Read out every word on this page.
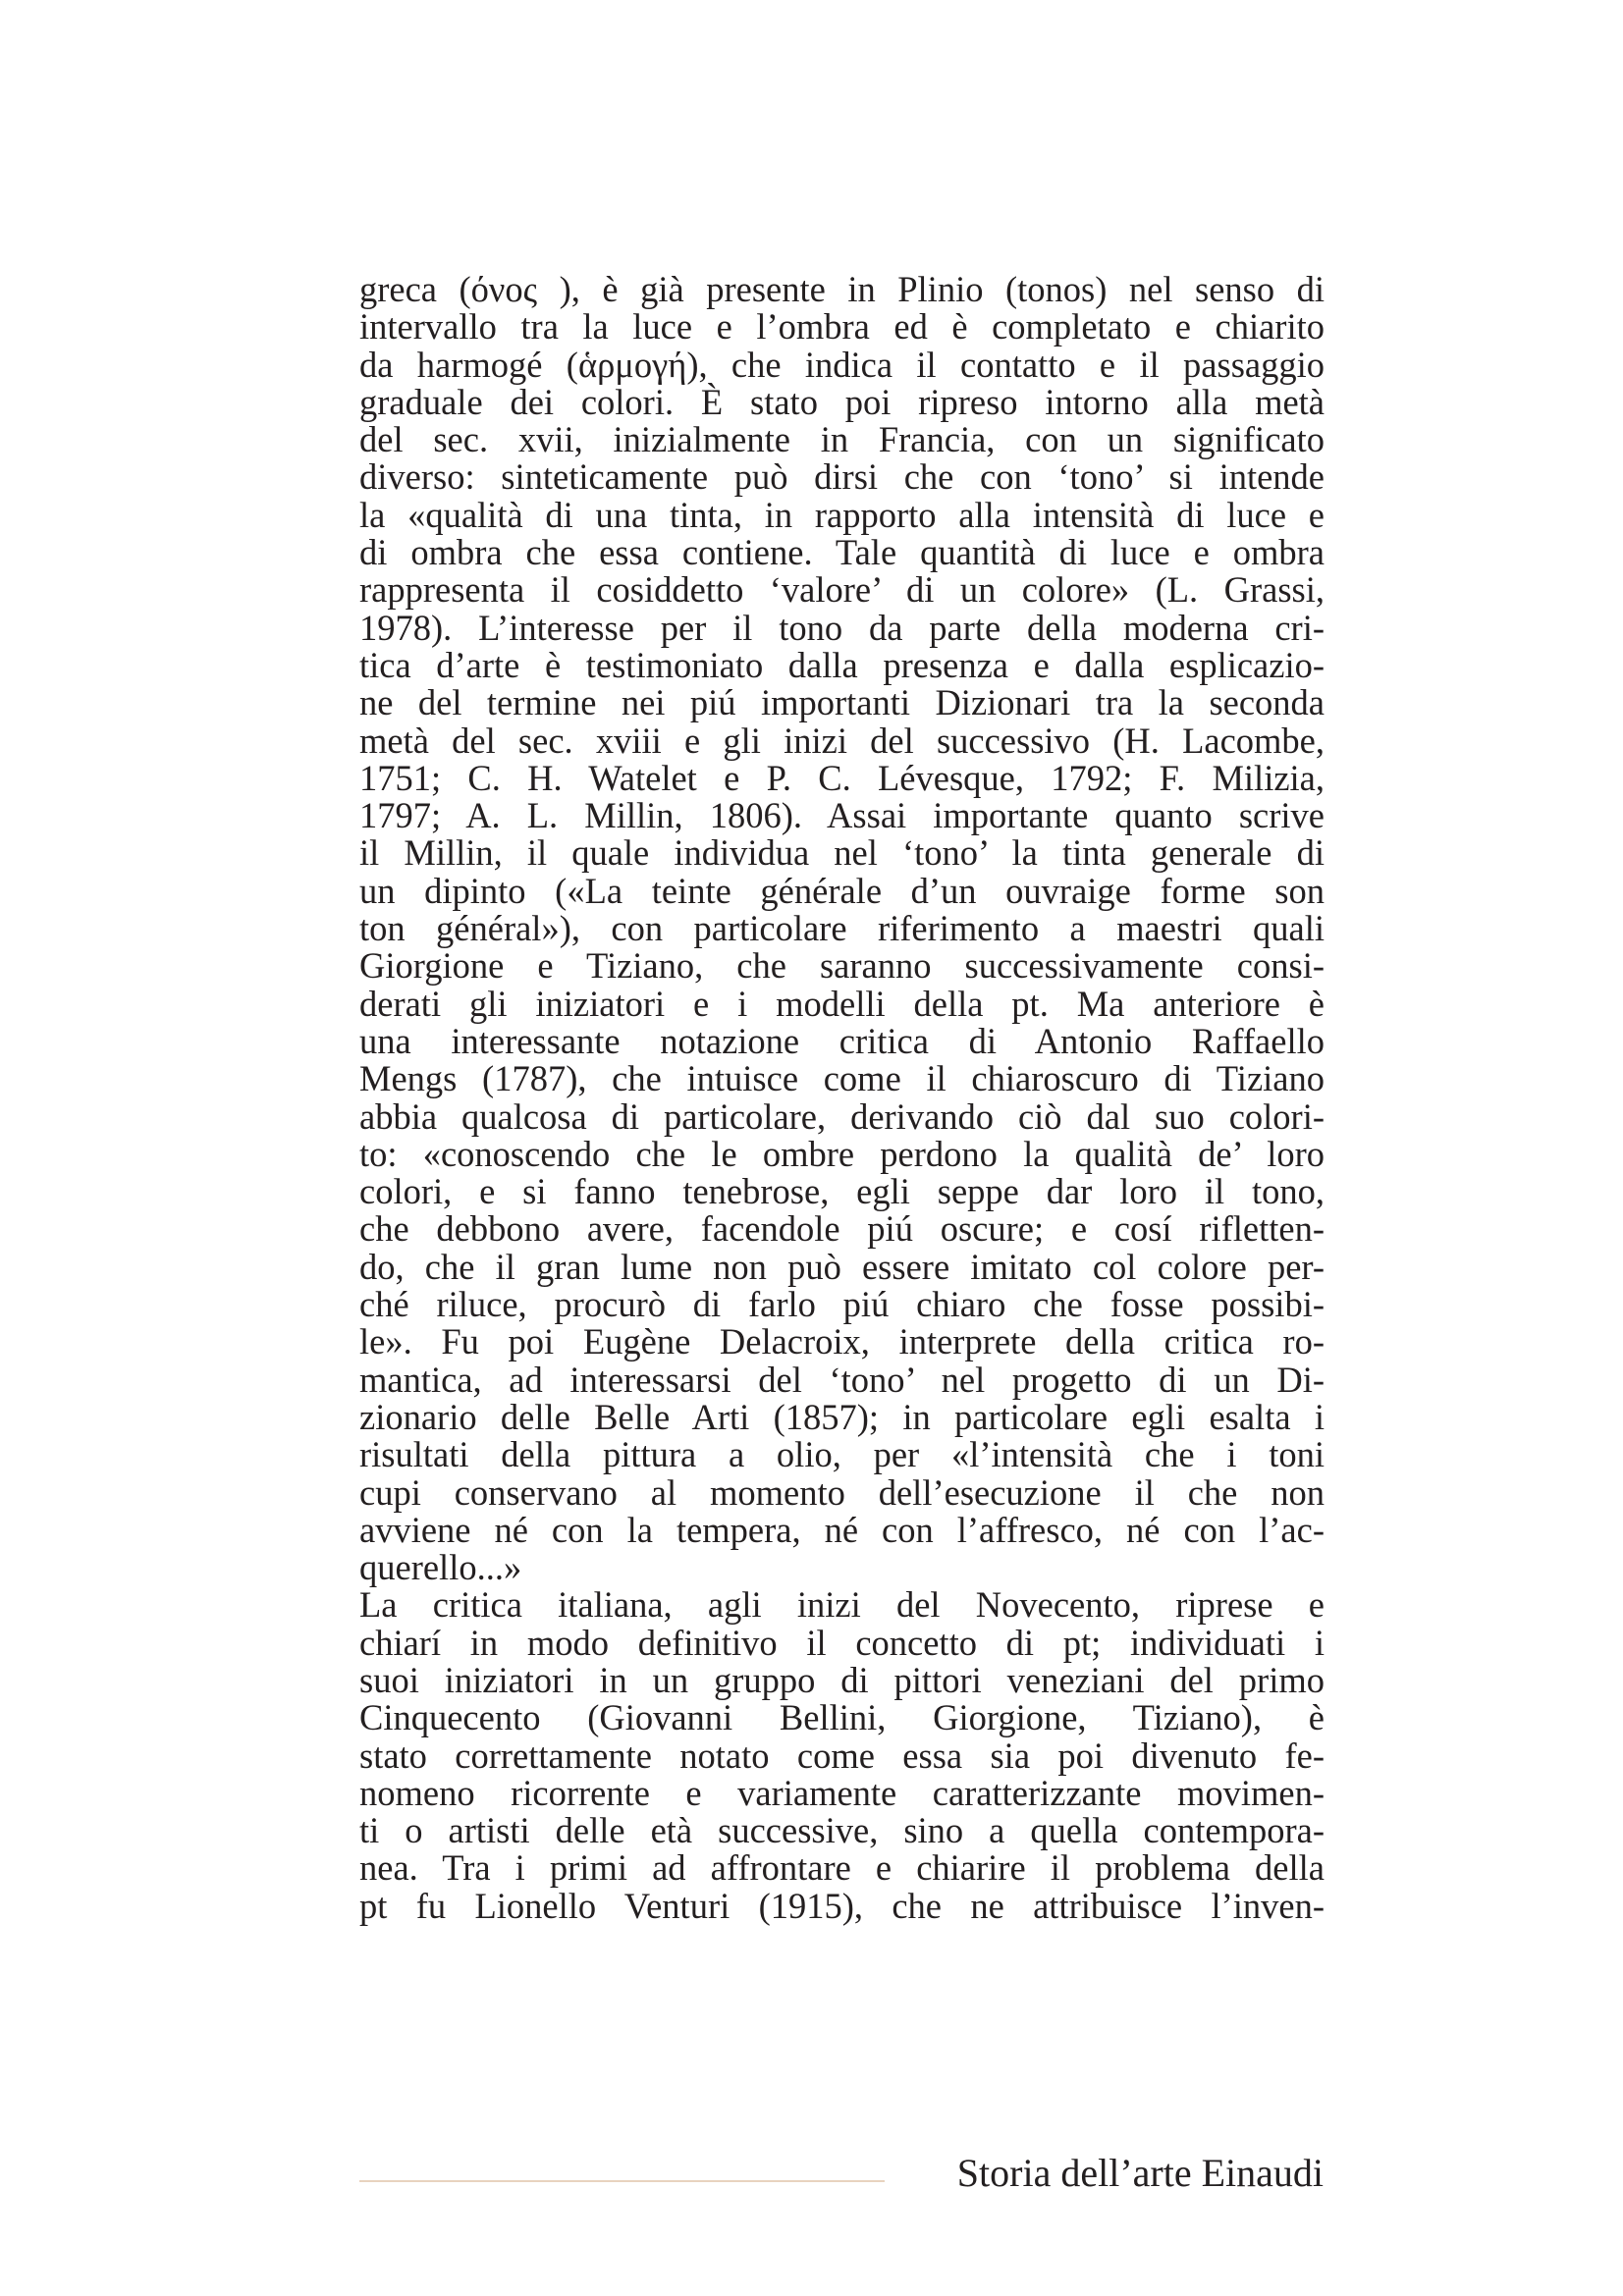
greca (όνος ), è già presente in Plinio (tonos) nel senso di
intervallo tra la luce e l’ombra ed è completato e chiarito
da harmogé (ἁρμογή), che indica il contatto e il passaggio
graduale dei colori. È stato poi ripreso intorno alla metà
del sec. xvii, inizialmente in Francia, con un significato
diverso: sinteticamente può dirsi che con ‘tono’ si intende
la «qualità di una tinta, in rapporto alla intensità di luce e
di ombra che essa contiene. Tale quantità di luce e ombra
rappresenta il cosiddetto ‘valore’ di un colore» (L. Grassi,
1978). L’interesse per il tono da parte della moderna cri-
tica d’arte è testimoniato dalla presenza e dalla esplicazio-
ne del termine nei piú importanti Dizionari tra la seconda
metà del sec. xviii e gli inizi del successivo (H. Lacombe,
1751; C. H. Watelet e P. C. Lévesque, 1792; F. Milizia,
1797; A. L. Millin, 1806). Assai importante quanto scrive
il Millin, il quale individua nel ‘tono’ la tinta generale di
un dipinto («La teinte générale d’un ouvraige forme son
ton général»), con particolare riferimento a maestri quali
Giorgione e Tiziano, che saranno successivamente consi-
derati gli iniziatori e i modelli della pt. Ma anteriore è
una interessante notazione critica di Antonio Raffaello
Mengs (1787), che intuisce come il chiaroscuro di Tiziano
abbia qualcosa di particolare, derivando ciò dal suo colori-
to: «conoscendo che le ombre perdono la qualità de’ loro
colori, e si fanno tenebrose, egli seppe dar loro il tono,
che debbono avere, facendole piú oscure; e cosí rifletten-
do, che il gran lume non può essere imitato col colore per-
ché riluce, procurò di farlo piú chiaro che fosse possibi-
le». Fu poi Eugène Delacroix, interprete della critica ro-
mantica, ad interessarsi del ‘tono’ nel progetto di un Di-
zionario delle Belle Arti (1857); in particolare egli esalta i
risultati della pittura a olio, per «l’intensità che i toni
cupi conservano al momento dell’esecuzione il che non
avviene né con la tempera, né con l’affresco, né con l’ac-
querello...»
La critica italiana, agli inizi del Novecento, riprese e
chiarí in modo definitivo il concetto di pt; individuati i
suoi iniziatori in un gruppo di pittori veneziani del primo
Cinquecento (Giovanni Bellini, Giorgione, Tiziano), è
stato correttamente notato come essa sia poi divenuto fe-
nomeno ricorrente e variamente caratterizzante movimen-
ti o artisti delle età successive, sino a quella contempora-
nea. Tra i primi ad affrontare e chiarire il problema della
pt fu Lionello Venturi (1915), che ne attribuisce l’inven-
Storia dell’arte Einaudi
